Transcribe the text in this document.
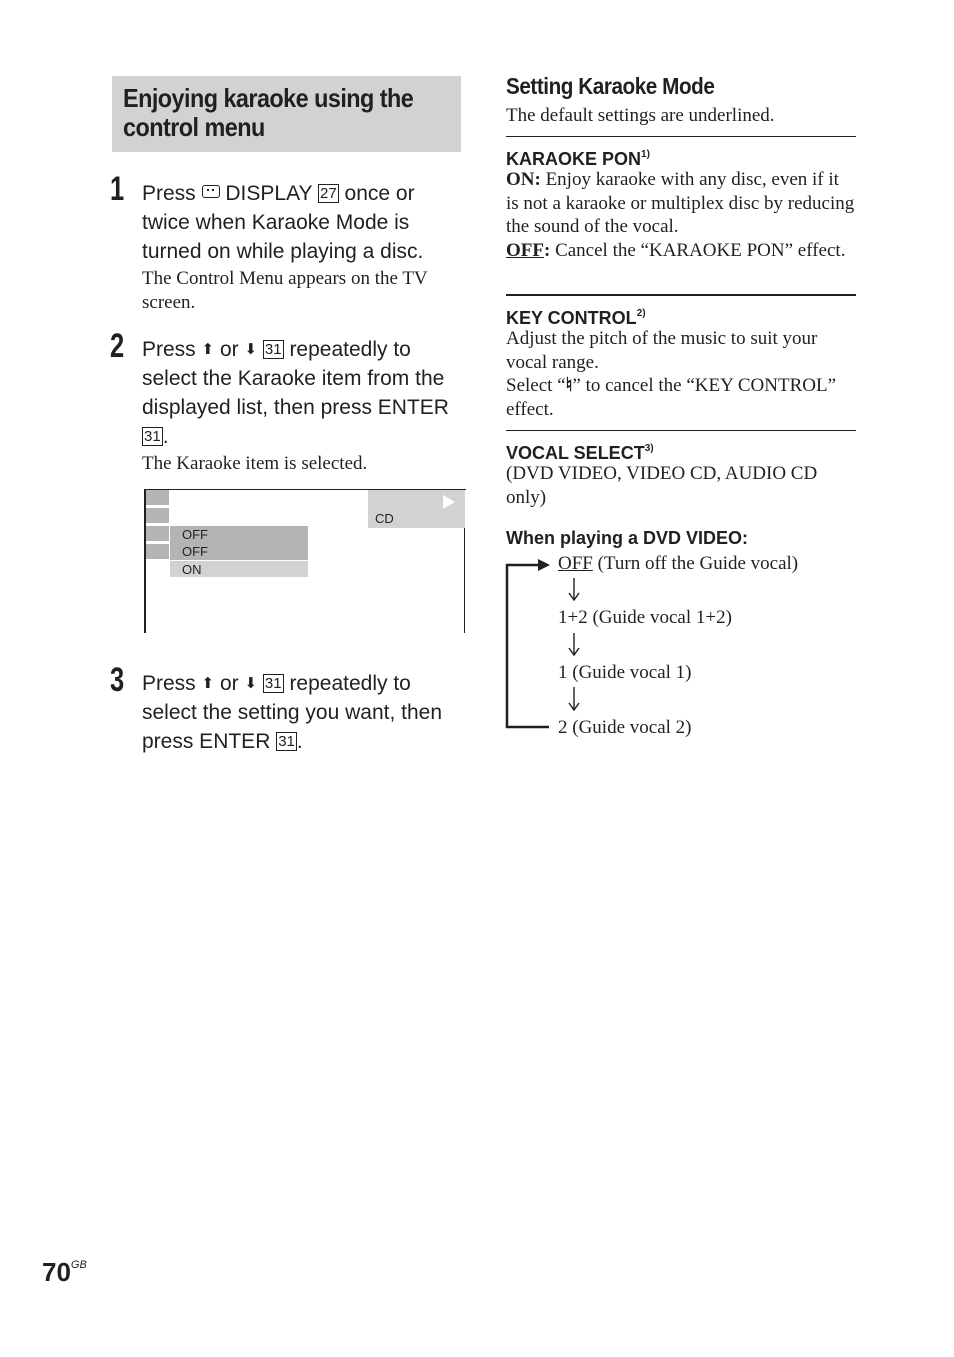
Enjoying karaoke using the control menu
1 Press DISPLAY 27 once or twice when Karaoke Mode is turned on while playing a disc.
The Control Menu appears on the TV screen.
2 Press ⬆ or ⬇ 31 repeatedly to select the Karaoke item from the displayed list, then press ENTER 31.
The Karaoke item is selected.
CD
OFF
OFF
ON
3 Press ⬆ or ⬇ 31 repeatedly to select the setting you want, then press ENTER 31.
Setting Karaoke Mode
The default settings are underlined.
KARAOKE PON$^{1)}$
ON: Enjoy karaoke with any disc, even if it is not a karaoke or multiplex disc by reducing the sound of the vocal.
OFF: Cancel the “KARAOKE PON” effect.
KEY CONTROL$^{2)}$
Adjust the pitch of the music to suit your vocal range.
Select “♮” to cancel the “KEY CONTROL” effect.
VOCAL SELECT$^{3)}$
(DVD VIDEO, VIDEO CD, AUDIO CD only)
When playing a DVD VIDEO:
OFF (Turn off the Guide vocal)
1+2 (Guide vocal 1+2)
1 (Guide vocal 1)
2 (Guide vocal 2)
$70^{GB}$
